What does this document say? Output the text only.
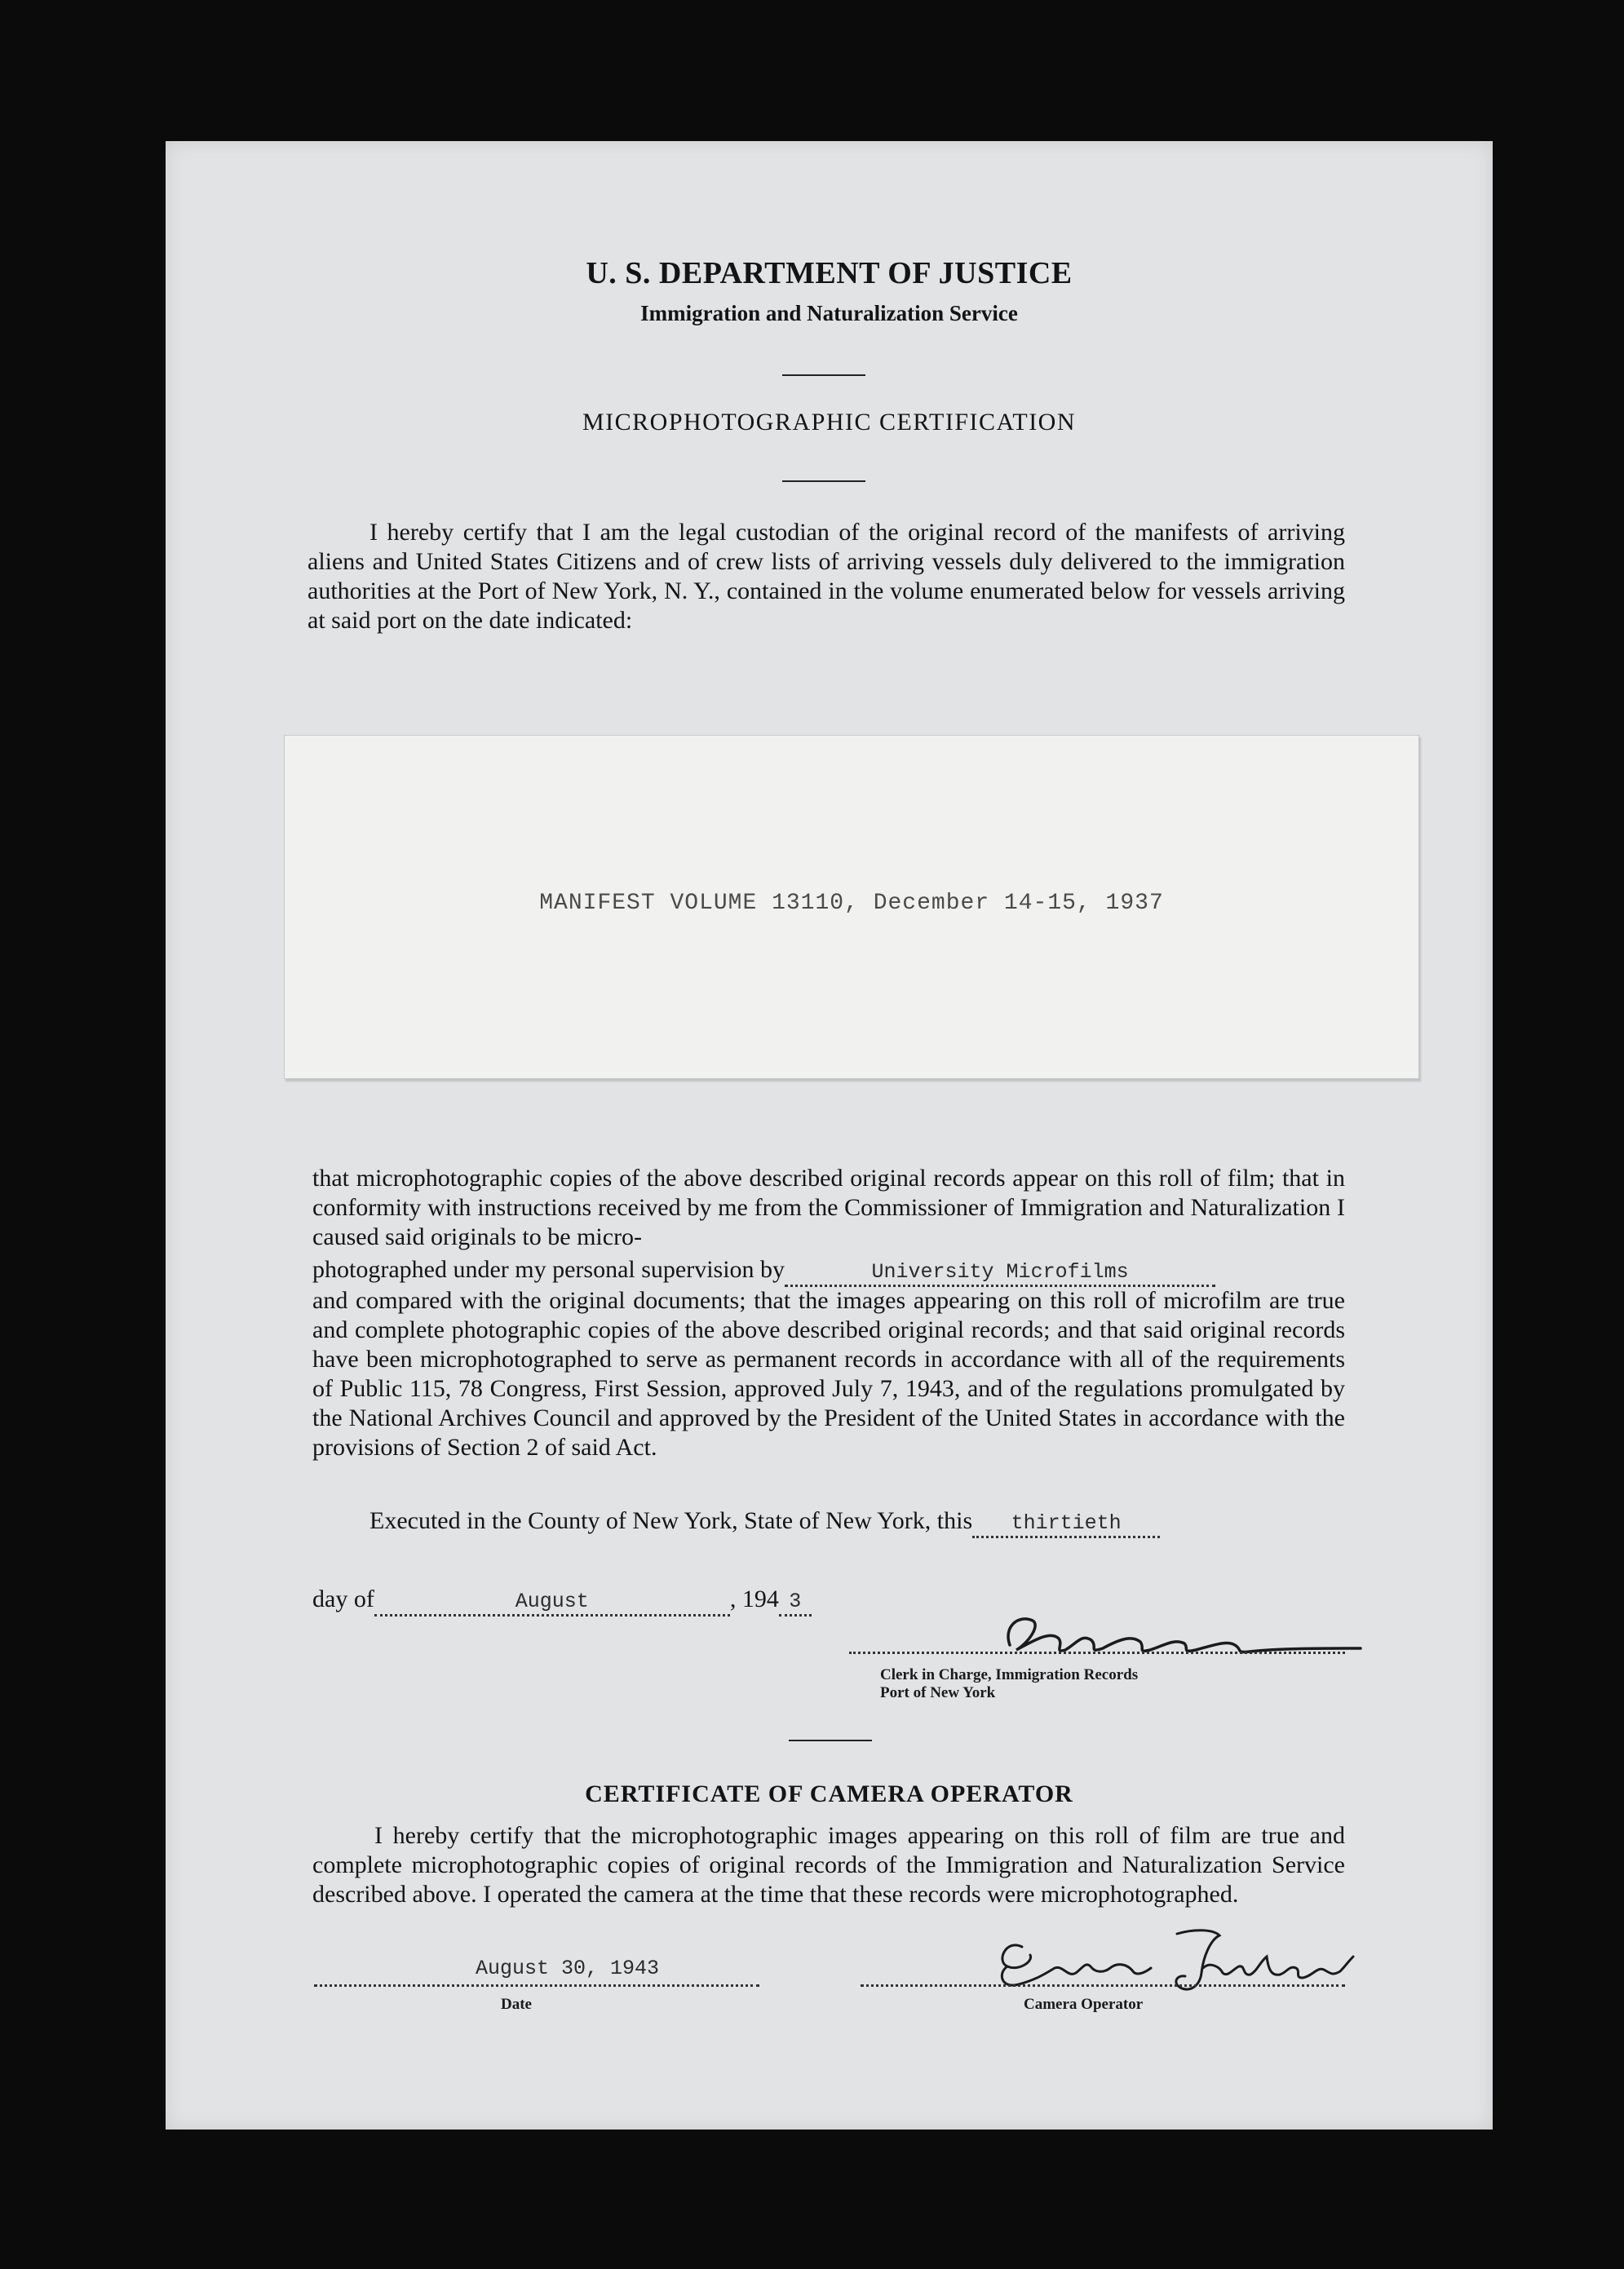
U. S. DEPARTMENT OF JUSTICE
Immigration and Naturalization Service
MICROPHOTOGRAPHIC CERTIFICATION
I hereby certify that I am the legal custodian of the original record of the manifests of arriving aliens and United States Citizens and of crew lists of arriving vessels duly delivered to the immigration authorities at the Port of New York, N. Y., contained in the volume enumerated below for vessels arriving at said port on the date indicated:
MANIFEST VOLUME 13110, December 14-15, 1937
that microphotographic copies of the above described original records appear on this roll of film; that in conformity with instructions received by me from the Commissioner of Immigration and Naturalization I caused said originals to be micro-
photographed under my personal supervision by	University Microfilms
and compared with the original documents; that the images appearing on this roll of microfilm are true and complete photographic copies of the above described original records; and that said original records have been microphotographed to serve as permanent records in accordance with all of the requirements of Public 115, 78 Congress, First Session, approved July 7, 1943, and of the regulations promulgated by the National Archives Council and approved by the President of the United States in accordance with the provisions of Section 2 of said Act.
Executed in the County of New York, State of New York, this thirtieth
day of	August	, 194 3
Clerk in Charge, Immigration Records
Port of New York
CERTIFICATE OF CAMERA OPERATOR
I hereby certify that the microphotographic images appearing on this roll of film are true and complete microphotographic copies of original records of the Immigration and Naturalization Service described above. I operated the camera at the time that these records were microphotographed.
August 30, 1943
Date	Camera Operator
